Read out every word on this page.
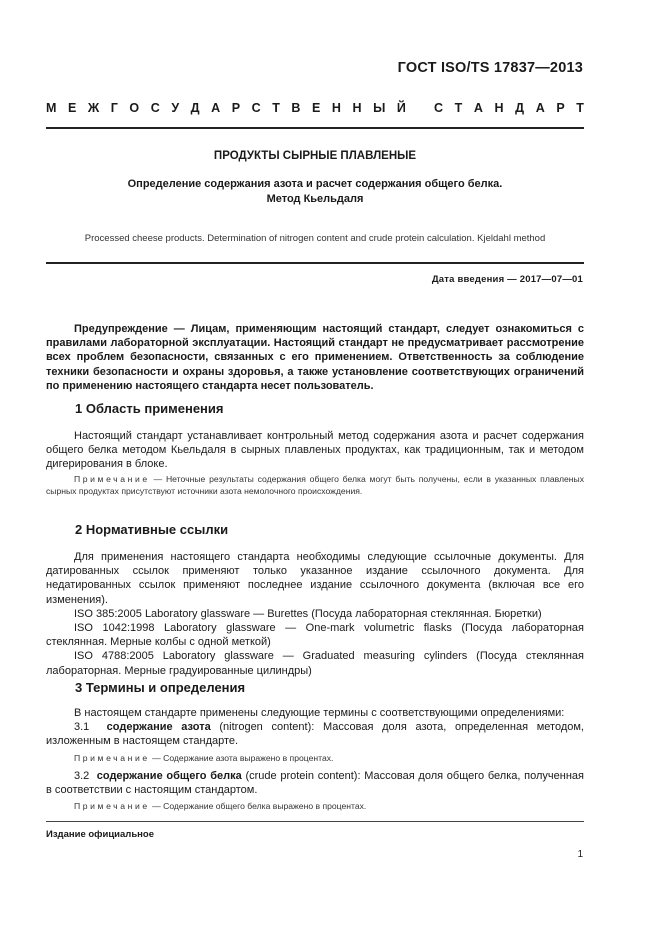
ГОСТ ISO/TS 17837—2013
М Е Ж Г О С У Д А Р С Т В Е Н Н Ы Й С Т А Н Д А Р Т
ПРОДУКТЫ СЫРНЫЕ ПЛАВЛЕНЫЕ
Определение содержания азота и расчет содержания общего белка.
Метод Кьельдаля
Processed cheese products. Determination of nitrogen content and crude protein calculation. Kjeldahl method
Дата введения — 2017—07—01

Предупреждение — Лицам, применяющим настоящий стандарт, следует ознакомиться с правилами лабораторной эксплуатации. Настоящий стандарт не предусматривает рассмотрение всех проблем безопасности, связанных с его применением. Ответственность за соблюдение техники безопасности и охраны здоровья, а также установление соответствующих ограничений по применению настоящего стандарта несет пользователь.

1 Область применения

Настоящий стандарт устанавливает контрольный метод содержания азота и расчет содержания общего белка методом Кьельдаля в сырных плавленых продуктах, как традиционным, так и методом дигерирования в блоке.

Примечание — Неточные результаты содержания общего белка могут быть получены, если в указанных плавленых сырных продуктах присутствуют источники азота немолочного происхождения.

2 Нормативные ссылки

Для применения настоящего стандарта необходимы следующие ссылочные документы. Для датированных ссылок применяют только указанное издание ссылочного документа. Для недатированных ссылок применяют последнее издание ссылочного документа (включая все его изменения).

ISO 385:2005 Laboratory glassware — Burettes (Посуда лабораторная стеклянная. Бюретки)

ISO 1042:1998 Laboratory glassware — One-mark volumetric flasks (Посуда лабораторная стеклянная. Мерные колбы с одной меткой)

ISO 4788:2005 Laboratory glassware — Graduated measuring cylinders (Посуда стеклянная лабораторная. Мерные градуированные цилиндры)

3 Термины и определения

В настоящем стандарте применены следующие термины с соответствующими определениями:

3.1 содержание азота (nitrogen content): Массовая доля азота, определенная методом, изложенным в настоящем стандарте.

Примечание — Содержание азота выражено в процентах.

3.2 содержание общего белка (crude protein content): Массовая доля общего белка, полученная в соответствии с настоящим стандартом.

Примечание — Содержание общего белка выражено в процентах.

Издание официальное
1
